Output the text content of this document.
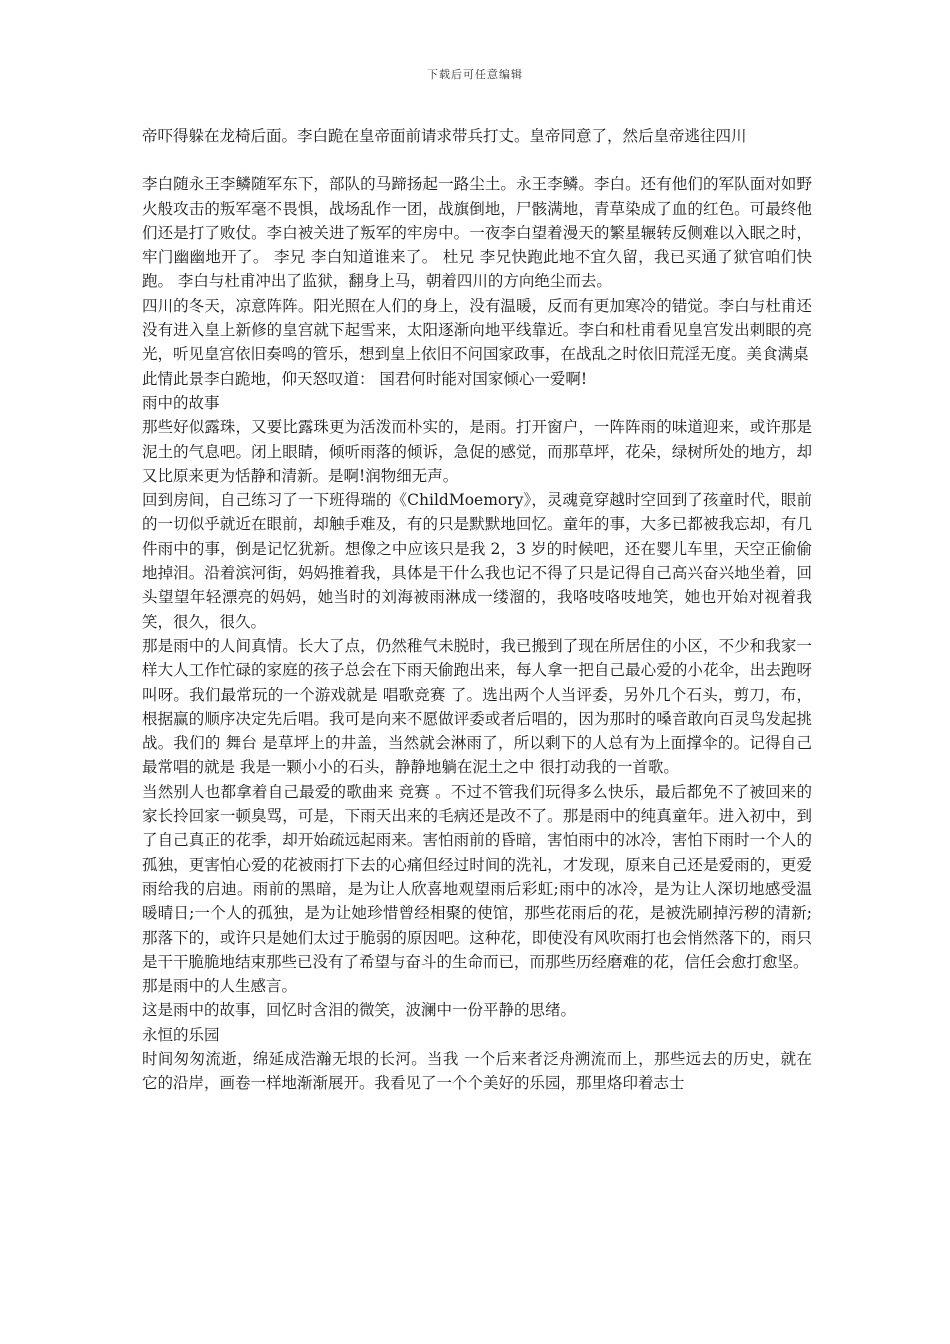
下载后可任意编辑

帝吓得躲在龙椅后面。李白跪在皇帝面前请求带兵打丈。皇帝同意了，然后皇帝逃往四川

李白随永王李鳞随军东下，部队的马蹄扬起一路尘土。永王李鳞。李白。还有他们的军队面对如野火般攻击的叛军毫不畏惧，战场乱作一团，战旗倒地，尸骸满地，青草染成了血的红色。可最终他们还是打了败仗。李白被关进了叛军的牢房中。一夜李白望着漫天的繁星辗转反侧难以入眠之时，牢门幽幽地开了。 李兄 李白知道谁来了。 杜兄 李兄快跑此地不宜久留，我已买通了狱官咱们快跑。 李白与杜甫冲出了监狱，翻身上马，朝着四川的方向绝尘而去。

四川的冬天，凉意阵阵。阳光照在人们的身上，没有温暖，反而有更加寒冷的错觉。李白与杜甫还没有进入皇上新修的皇宫就下起雪来，太阳逐渐向地平线靠近。李白和杜甫看见皇宫发出刺眼的亮光，听见皇宫依旧奏鸣的管乐，想到皇上依旧不问国家政事，在战乱之时依旧荒淫无度。美食满桌

此情此景李白跪地，仰天怒叹道： 国君何时能对国家倾心一爱啊!

雨中的故事

那些好似露珠，又要比露珠更为活泼而朴实的，是雨。打开窗户，一阵阵雨的味道迎来，或许那是泥土的气息吧。闭上眼睛，倾听雨落的倾诉，急促的感觉，而那草坪，花朵，绿树所处的地方，却又比原来更为恬静和清新。是啊!润物细无声。

回到房间，自己练习了一下班得瑞的《ChildMoemory》，灵魂竟穿越时空回到了孩童时代，眼前的一切似乎就近在眼前，却触手难及，有的只是默默地回忆。童年的事，大多已都被我忘却，有几件雨中的事，倒是记忆犹新。想像之中应该只是我 2，3 岁的时候吧，还在婴儿车里，天空正偷偷地掉泪。沿着滨河街，妈妈推着我，具体是干什么我也记不得了只是记得自己高兴奋兴地坐着，回头望望年轻漂亮的妈妈，她当时的刘海被雨淋成一缕溜的，我咯吱咯吱地笑，她也开始对视着我笑，很久，很久。

那是雨中的人间真情。长大了点，仍然稚气未脱时，我已搬到了现在所居住的小区，不少和我家一样大人工作忙碌的家庭的孩子总会在下雨天偷跑出来，每人拿一把自己最心爱的小花伞，出去跑呀叫呀。我们最常玩的一个游戏就是 唱歌竞赛 了。选出两个人当评委，另外几个石头，剪刀，布，根据赢的顺序决定先后唱。我可是向来不愿做评委或者后唱的，因为那时的嗓音敢向百灵鸟发起挑战。我们的 舞台 是草坪上的井盖，当然就会淋雨了，所以剩下的人总有为上面撑伞的。记得自己最常唱的就是 我是一颗小小的石头，静静地躺在泥土之中 很打动我的一首歌。

当然别人也都拿着自己最爱的歌曲来 竞赛 。不过不管我们玩得多么快乐，最后都免不了被回来的家长拎回家一顿臭骂，可是，下雨天出来的毛病还是改不了。那是雨中的纯真童年。进入初中，到了自己真正的花季，却开始疏远起雨来。害怕雨前的昏暗，害怕雨中的冰冷，害怕下雨时一个人的孤独，更害怕心爱的花被雨打下去的心痛但经过时间的洗礼，才发现，原来自己还是爱雨的，更爱雨给我的启迪。雨前的黑暗，是为让人欣喜地观望雨后彩虹;雨中的冰冷，是为让人深切地感受温暖晴日;一个人的孤独，是为让她珍惜曾经相聚的使馆，那些花雨后的花，是被洗刷掉污秽的清新;那落下的，或许只是她们太过于脆弱的原因吧。这种花，即使没有风吹雨打也会悄然落下的，雨只是干干脆脆地结束那些已没有了希望与奋斗的生命而已，而那些历经磨难的花，信任会愈打愈坚。

那是雨中的人生感言。

这是雨中的故事，回忆时含泪的微笑，波澜中一份平静的思绪。

永恒的乐园

时间匆匆流逝，绵延成浩瀚无垠的长河。当我 一个后来者泛舟溯流而上，那些远去的历史，就在它的沿岸，画卷一样地渐渐展开。我看见了一个个美好的乐园，那里烙印着志士
